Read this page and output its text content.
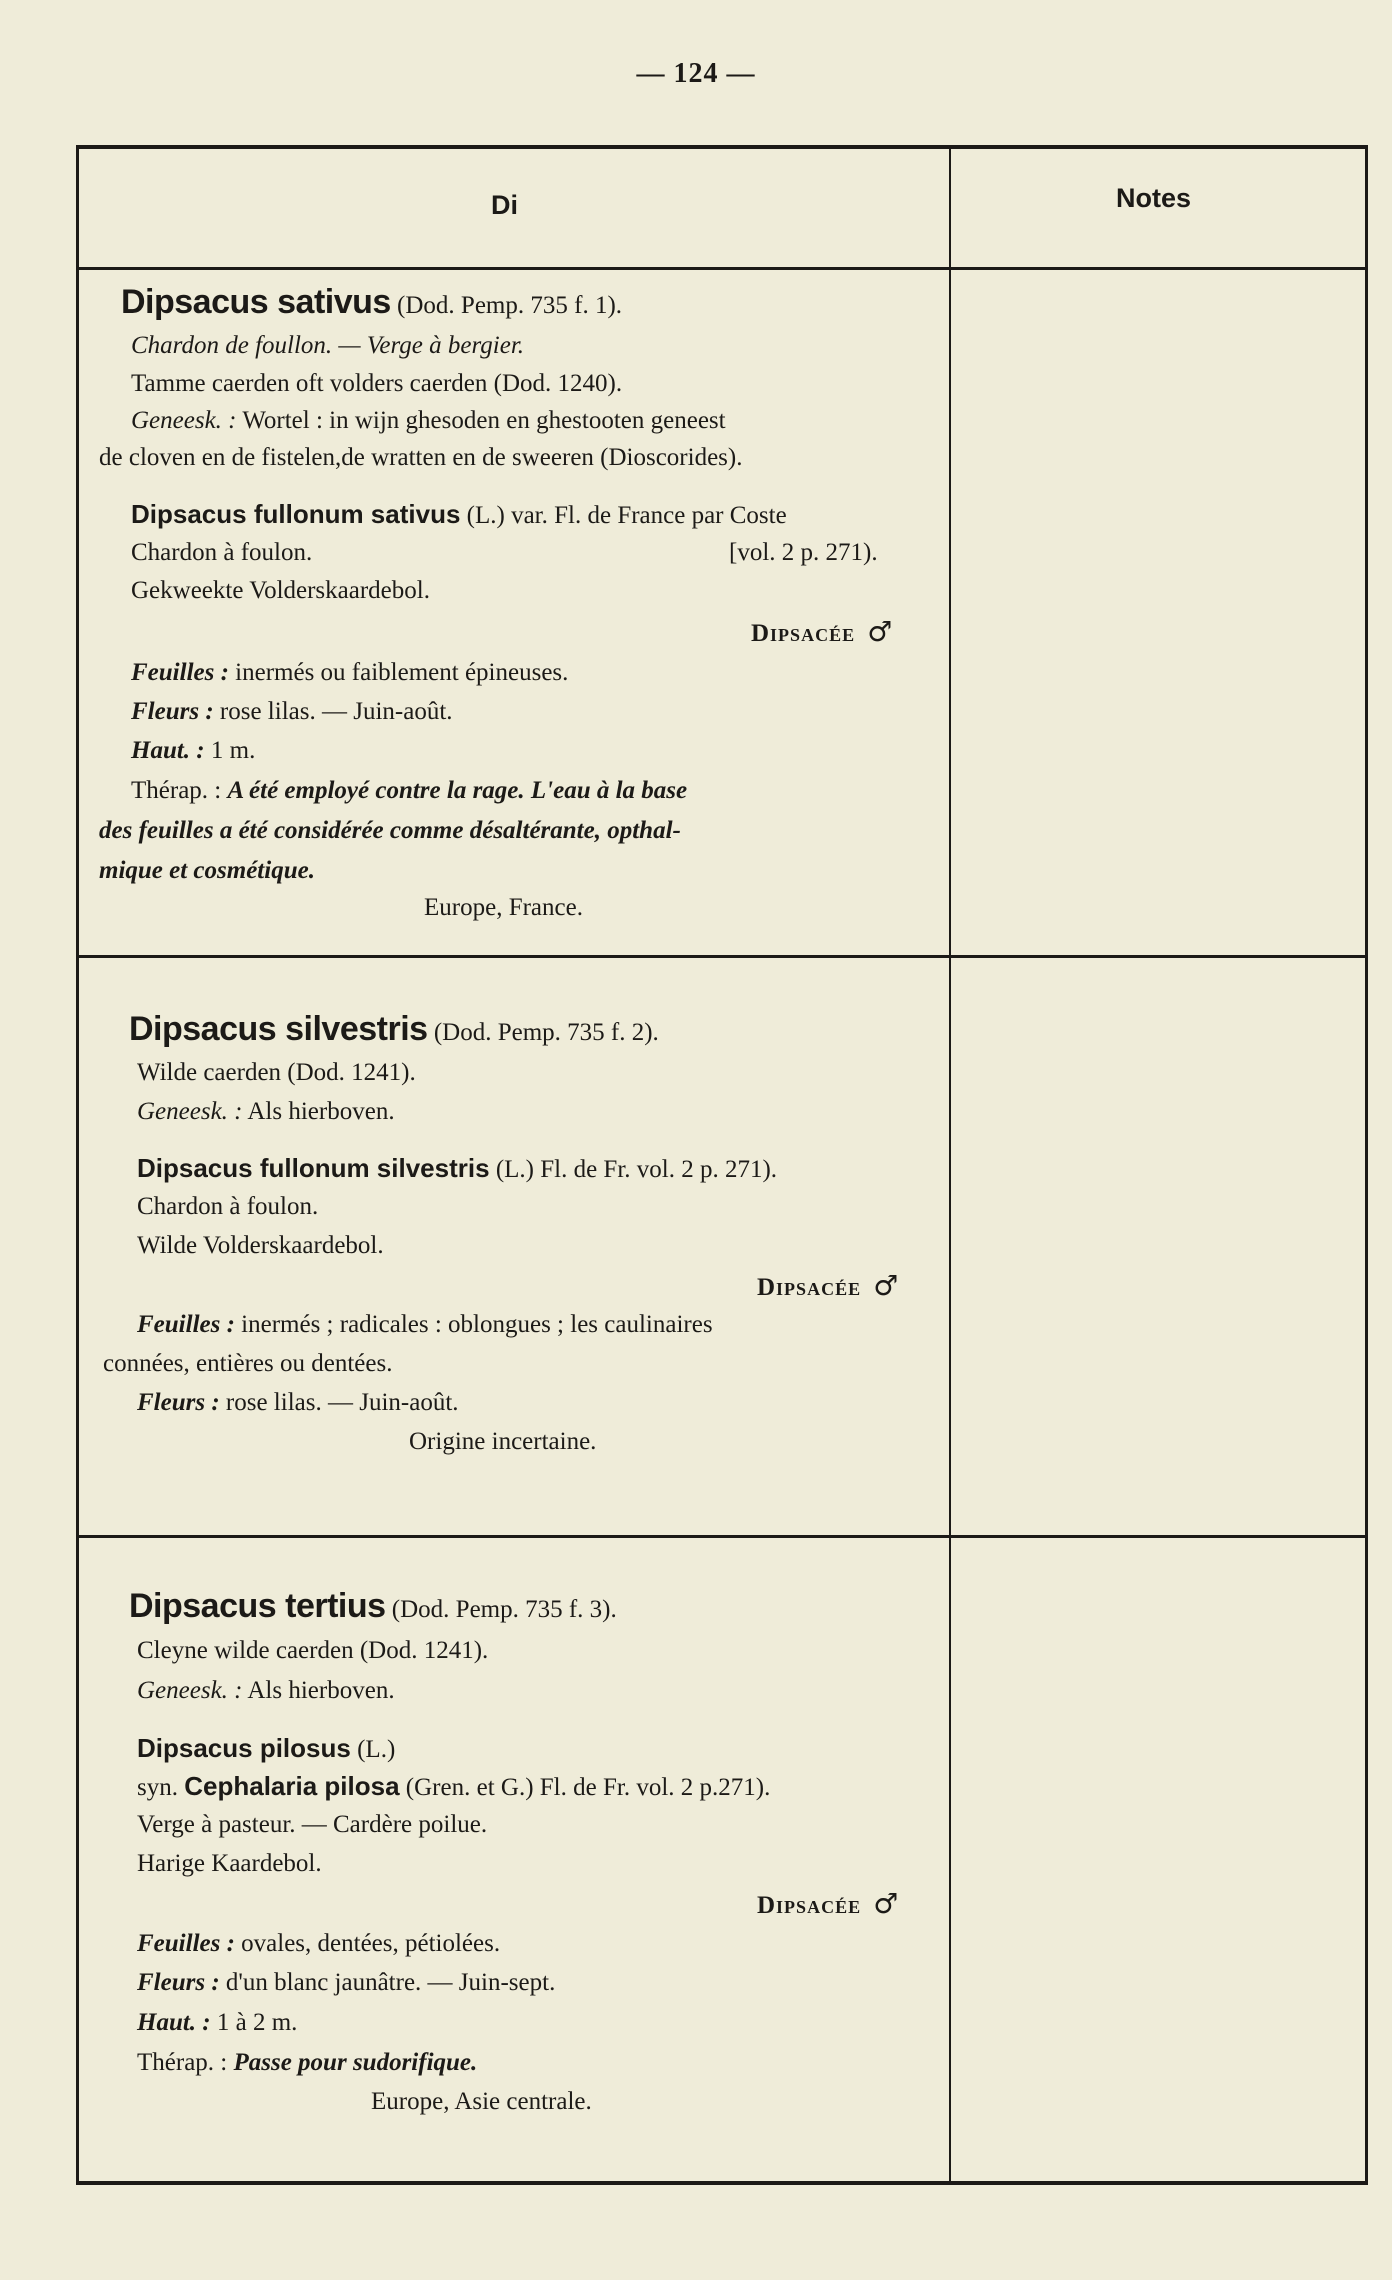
— 124 —
Di	Notes
Dipsacus sativus (Dod. Pemp. 735 f. 1).
Chardon de foullon. — Verge à bergier.
Tamme caerden oft volders caerden (Dod. 1240).
Geneesk. : Wortel : in wijn ghesoden en ghestooten geneest
de cloven en de fistelen,de wratten en de sweeren (Dioscorides).
Dipsacus fullonum sativus (L.) var. Fl. de France par Coste
Chardon à foulon.	[vol. 2 p. 271).
Gekweekte Volderskaardebol.
Dipsacée ♂
Feuilles : inermés ou faiblement épineuses.
Fleurs : rose lilas. — Juin-août.
Haut. : 1 m.
Thérap. : A été employé contre la rage. L'eau à la base
des feuilles a été considérée comme désaltérante, opthal-
mique et cosmétique.
Europe, France.
Dipsacus silvestris (Dod. Pemp. 735 f. 2).
Wilde caerden (Dod. 1241).
Geneesk. : Als hierboven.
Dipsacus fullonum silvestris (L.) Fl. de Fr. vol. 2 p. 271).
Chardon à foulon.
Wilde Volderskaardebol.
Dipsacée ♂
Feuilles : inermés ; radicales : oblongues ; les caulinaires
connées, entières ou dentées.
Fleurs : rose lilas. — Juin-août.
Origine incertaine.
Dipsacus tertius (Dod. Pemp. 735 f. 3).
Cleyne wilde caerden (Dod. 1241).
Geneesk. : Als hierboven.
Dipsacus pilosus (L.)
syn. Cephalaria pilosa (Gren. et G.) Fl. de Fr. vol. 2 p.271).
Verge à pasteur. — Cardère poilue.
Harige Kaardebol.
Dipsacée ♂
Feuilles : ovales, dentées, pétiolées.
Fleurs : d'un blanc jaunâtre. — Juin-sept.
Haut. : 1 à 2 m.
Thérap. : Passe pour sudorifique.
Europe, Asie centrale.
